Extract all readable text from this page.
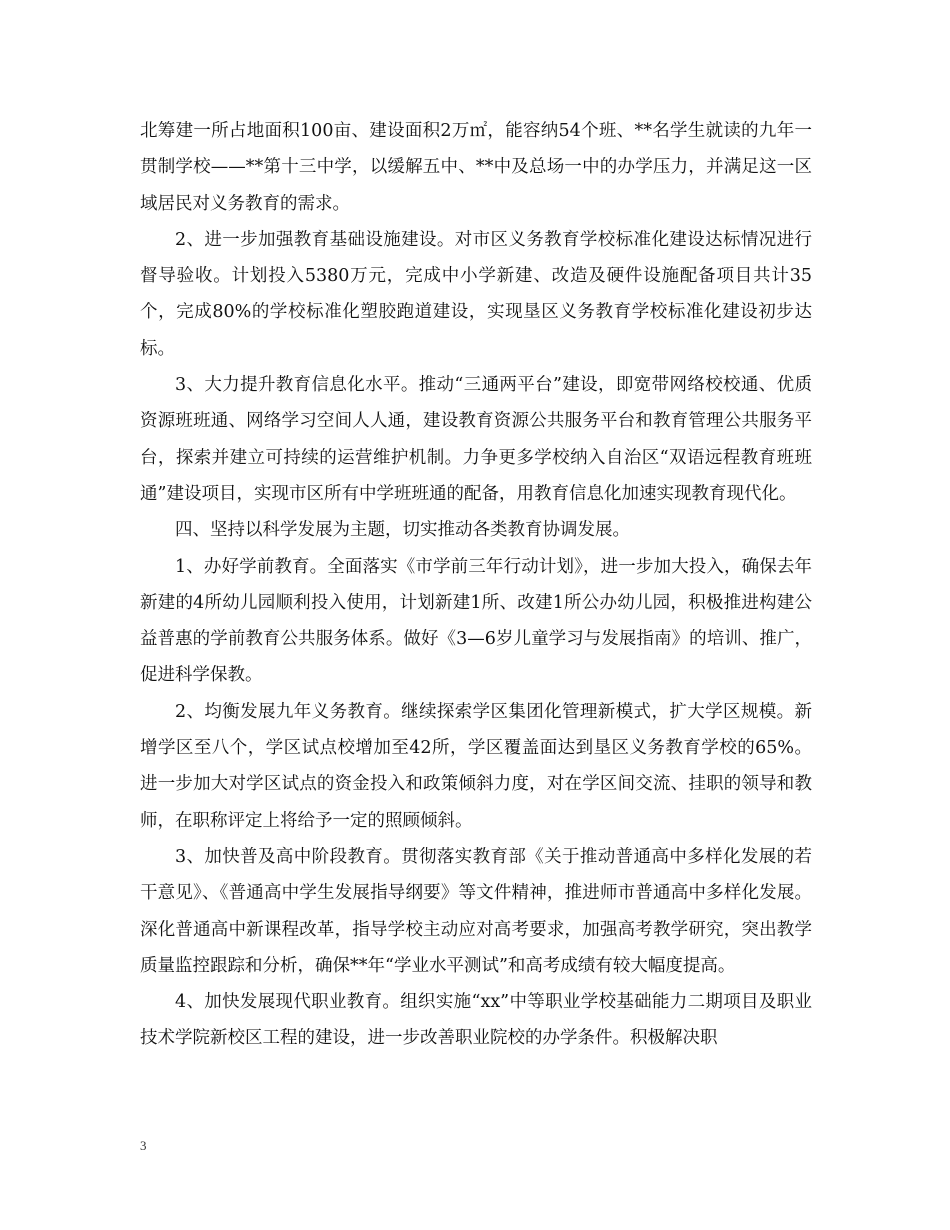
北筹建一所占地面积100亩、建设面积2万㎡，能容纳54个班、**名学生就读的九年一贯制学校——**第十三中学，以缓解五中、**中及总场一中的办学压力，并满足这一区域居民对义务教育的需求。

2、进一步加强教育基础设施建设。对市区义务教育学校标准化建设达标情况进行督导验收。计划投入5380万元，完成中小学新建、改造及硬件设施配备项目共计35个，完成80%的学校标准化塑胶跑道建设，实现垦区义务教育学校标准化建设初步达标。

3、大力提升教育信息化水平。推动“三通两平台”建设，即宽带网络校校通、优质资源班班通、网络学习空间人人通，建设教育资源公共服务平台和教育管理公共服务平台，探索并建立可持续的运营维护机制。力争更多学校纳入自治区“双语远程教育班班通”建设项目，实现市区所有中学班班通的配备，用教育信息化加速实现教育现代化。

四、坚持以科学发展为主题，切实推动各类教育协调发展。

1、办好学前教育。全面落实《市学前三年行动计划》，进一步加大投入，确保去年新建的4所幼儿园顺利投入使用，计划新建1所、改建1所公办幼儿园，积极推进构建公益普惠的学前教育公共服务体系。做好《3—6岁儿童学习与发展指南》的培训、推广，促进科学保教。

2、均衡发展九年义务教育。继续探索学区集团化管理新模式，扩大学区规模。新增学区至八个，学区试点校增加至42所，学区覆盖面达到垦区义务教育学校的65%。进一步加大对学区试点的资金投入和政策倾斜力度，对在学区间交流、挂职的领导和教师，在职称评定上将给予一定的照顾倾斜。

3、加快普及高中阶段教育。贯彻落实教育部《关于推动普通高中多样化发展的若干意见》、《普通高中学生发展指导纲要》等文件精神，推进师市普通高中多样化发展。深化普通高中新课程改革，指导学校主动应对高考要求，加强高考教学研究，突出教学质量监控跟踪和分析，确保**年“学业水平测试”和高考成绩有较大幅度提高。

4、加快发展现代职业教育。组织实施“xx”中等职业学校基础能力二期项目及职业技术学院新校区工程的建设，进一步改善职业院校的办学条件。积极解决职

3
